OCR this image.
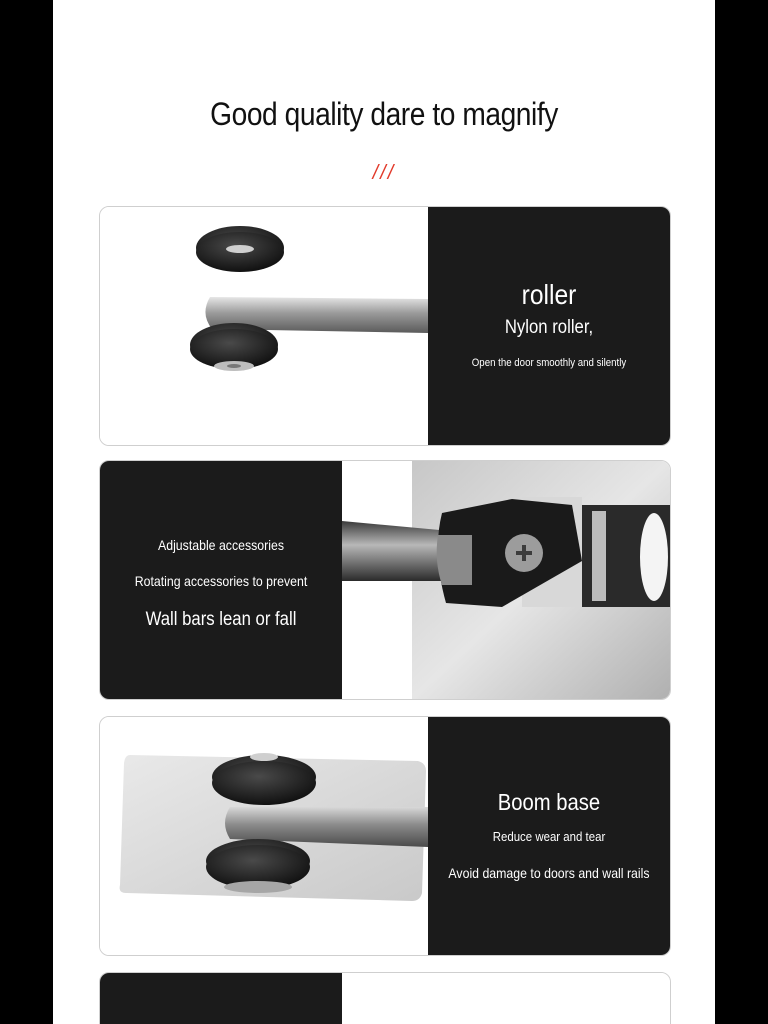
Good quality dare to magnify
///
roller
Nylon roller,
Open the door smoothly and silently
Adjustable accessories
Rotating accessories to prevent
Wall bars lean or fall
Boom base
Reduce wear and tear
Avoid damage to doors and wall rails
